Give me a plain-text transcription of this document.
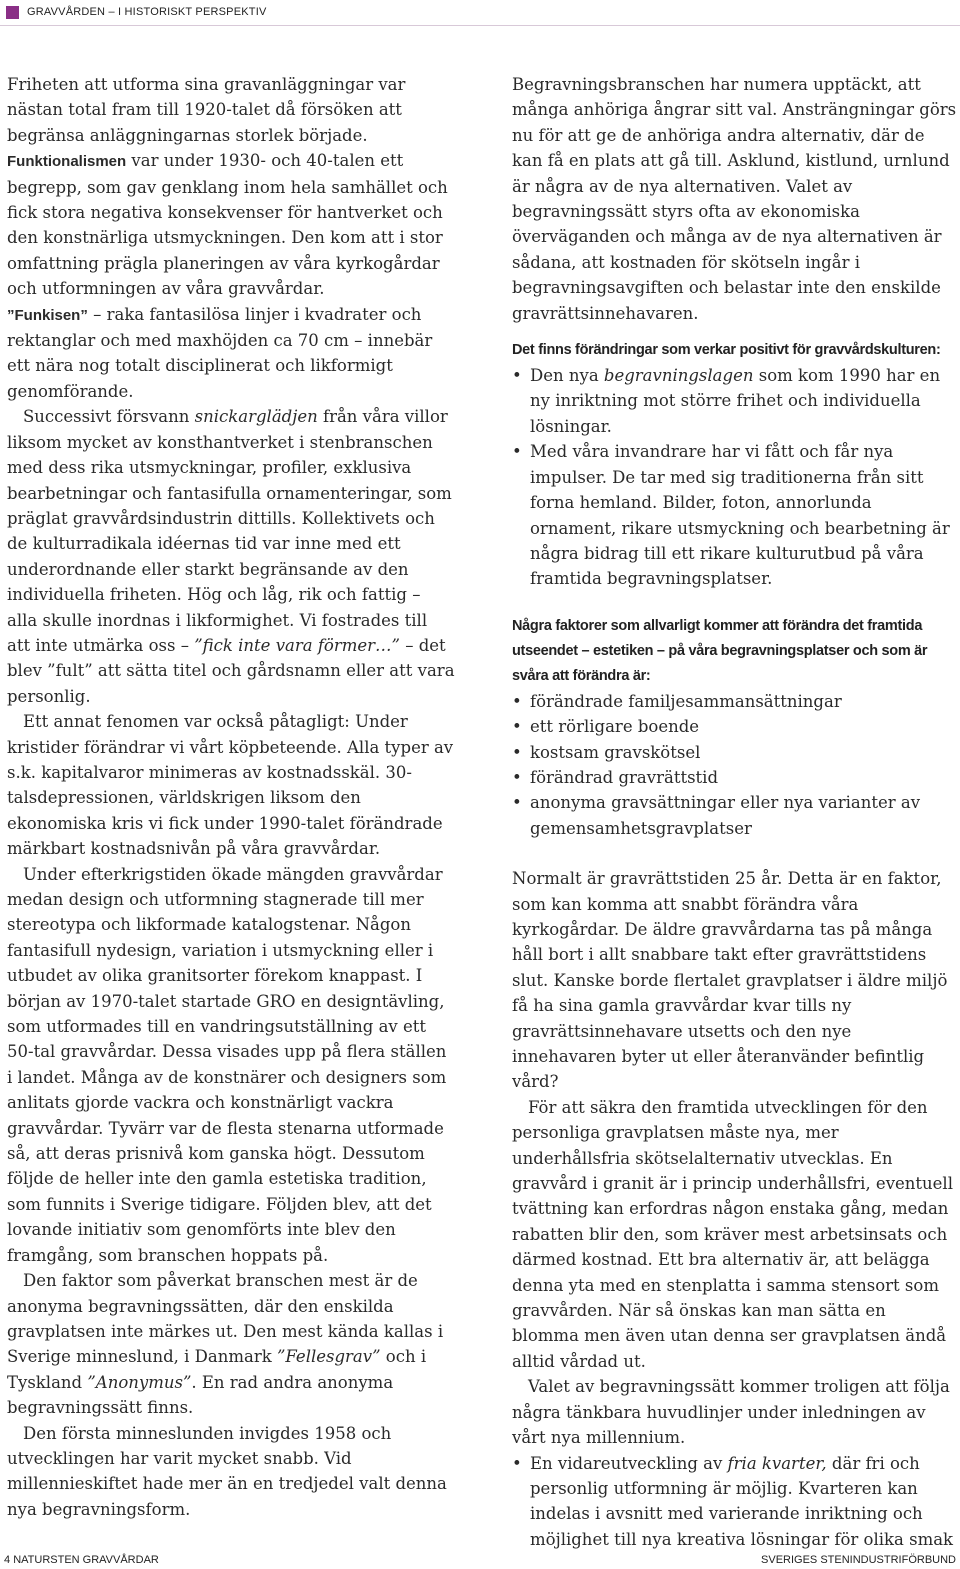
GRAVVÅRDEN – I HISTORISKT PERSPEKTIV

Friheten att utforma sina gravanläggningar var nästan total fram till 1920-talet då försöken att begränsa anläggningarnas storlek började.

Funktionalismen var under 1930- och 40-talen ett begrepp, som gav genklang inom hela samhället och fick stora negativa konsekvenser för hantverket och den konstnärliga utsmyckningen. Den kom att i stor omfattning prägla planeringen av våra kyrkogårdar och utformningen av våra gravvårdar.

”Funkisen” – raka fantasilösa linjer i kvadrater och rektanglar och med maxhöjden ca 70 cm – innebär ett nära nog totalt disciplinerat och likformigt genomförande.

Successivt försvann snickarglädjen från våra villor liksom mycket av konsthantverket i stenbranschen med dess rika utsmyckningar, profiler, exklusiva bearbetningar och fantasifulla ornamenteringar, som präglat gravvårdsindustrin dittills. Kollektivets och de kulturradikala idéernas tid var inne med ett underordnande eller starkt begränsande av den individuella friheten. Hög och låg, rik och fattig – alla skulle inordnas i likformighet. Vi fostrades till att inte utmärka oss – ”fick inte vara förmer…” – det blev ”fult” att sätta titel och gårdsnamn eller att vara personlig.

Ett annat fenomen var också påtagligt: Under kristider förändrar vi vårt köpbeteende. Alla typer av s.k. kapitalvaror minimeras av kostnadsskäl. 30-talsdepressionen, världskrigen liksom den ekonomiska kris vi fick under 1990-talet förändrade märkbart kostnadsnivån på våra gravvårdar.

Under efterkrigstiden ökade mängden gravvårdar medan design och utformning stagnerade till mer stereotypa och likformade katalogstenar. Någon fantasifull nydesign, variation i utsmyckning eller i utbudet av olika granitsorter förekom knappast. I början av 1970-talet startade GRO en designtävling, som utformades till en vandringsutställning av ett 50-tal gravvårdar. Dessa visades upp på flera ställen i landet. Många av de konstnärer och designers som anlitats gjorde vackra och konstnärligt vackra gravvårdar. Tyvärr var de flesta stenarna utformade så, att deras prisnivå kom ganska högt. Dessutom följde de heller inte den gamla estetiska tradition, som funnits i Sverige tidigare. Följden blev, att det lovande initiativ som genomförts inte blev den framgång, som branschen hoppats på.

Den faktor som påverkat branschen mest är de anonyma begravningssätten, där den enskilda gravplatsen inte märkes ut. Den mest kända kallas i Sverige minneslund, i Danmark ”Fellesgrav” och i Tyskland ”Anonymus”. En rad andra anonyma begravningssätt finns.

Den första minneslunden invigdes 1958 och utvecklingen har varit mycket snabb. Vid millennieskiftet hade mer än en tredjedel valt denna nya begravningsform.

Begravningsbranschen har numera upptäckt, att många anhöriga ångrar sitt val. Ansträngningar görs nu för att ge de anhöriga andra alternativ, där de kan få en plats att gå till. Asklund, kistlund, urnlund är några av de nya alternativen. Valet av begravningssätt styrs ofta av ekonomiska överväganden och många av de nya alternativen är sådana, att kostnaden för skötseln ingår i begravningsavgiften och belastar inte den enskilde gravrättsinnehavaren.

Det finns förändringar som verkar positivt för gravvårdskulturen:

• Den nya begravningslagen som kom 1990 har en ny inriktning mot större frihet och individuella lösningar.
• Med våra invandrare har vi fått och får nya impulser. De tar med sig traditionerna från sitt forna hemland. Bilder, foton, annorlunda ornament, rikare utsmyckning och bearbetning är några bidrag till ett rikare kulturutbud på våra framtida begravningsplatser.

Några faktorer som allvarligt kommer att förändra det framtida utseendet – estetiken – på våra begravningsplatser och som är svåra att förändra är:

• förändrade familjesammansättningar
• ett rörligare boende
• kostsam gravskötsel
• förändrad gravrättstid
• anonyma gravsättningar eller nya varianter av gemensamhetsgravplatser

Normalt är gravrättstiden 25 år. Detta är en faktor, som kan komma att snabbt förändra våra kyrkogårdar. De äldre gravvårdarna tas på många håll bort i allt snabbare takt efter gravrättstidens slut. Kanske borde flertalet gravplatser i äldre miljö få ha sina gamla gravvårdar kvar tills ny gravrättsinnehavare utsetts och den nye innehavaren byter ut eller återanvänder befintlig vård?

För att säkra den framtida utvecklingen för den personliga gravplatsen måste nya, mer underhållsfria skötselalternativ utvecklas. En gravvård i granit är i princip underhållsfri, eventuell tvättning kan erfordras någon enstaka gång, medan rabatten blir den, som kräver mest arbetsinsats och därmed kostnad. Ett bra alternativ är, att belägga denna yta med en stenplatta i samma stensort som gravvården. När så önskas kan man sätta en blomma men även utan denna ser gravplatsen ändå alltid vårdad ut.

Valet av begravningssätt kommer troligen att följa några tänkbara huvudlinjer under inledningen av vårt nya millennium.

• En vidareutveckling av fria kvarter, där fri och personlig utformning är möjlig. Kvarteren kan indelas i avsnitt med varierande inriktning och möjlighet till nya kreativa lösningar för olika smak
4 NATURSTEN GRAVVÅRDAR	SVERIGES STENINDUSTRIFÖRBUND
